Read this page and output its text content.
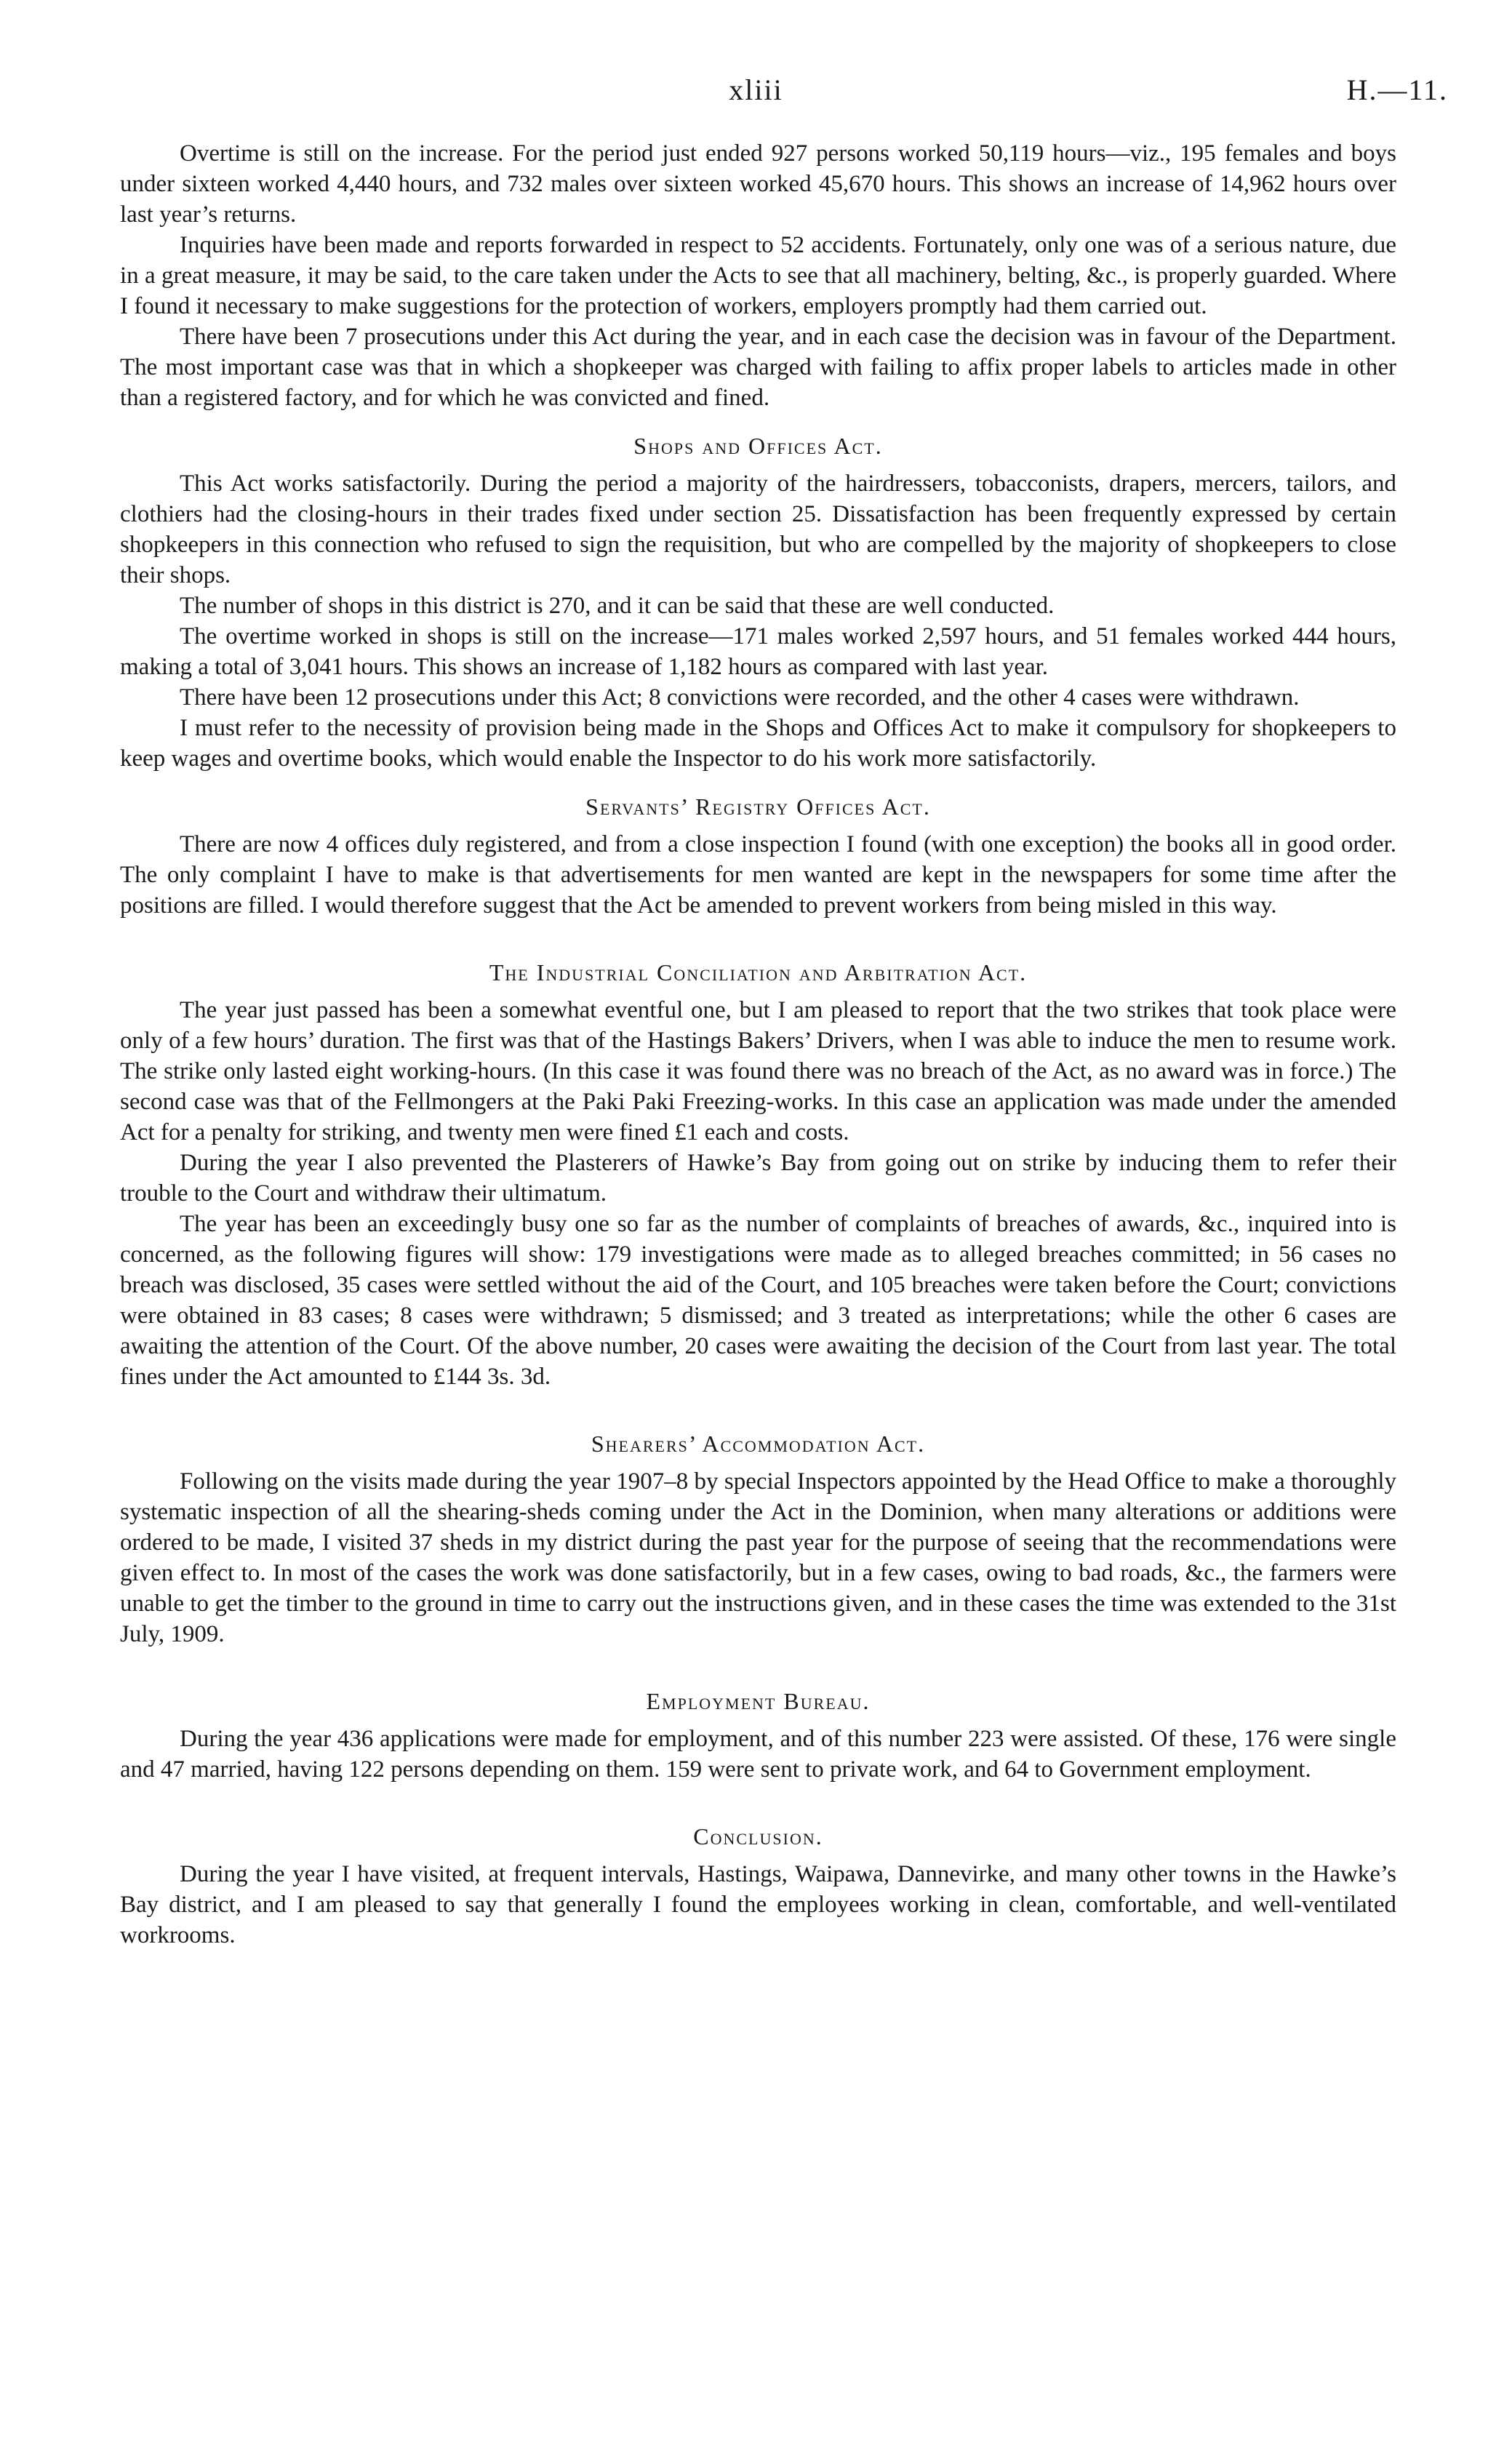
xliii	H.—11.

Overtime is still on the increase. For the period just ended 927 persons worked 50,119 hours—viz., 195 females and boys under sixteen worked 4,440 hours, and 732 males over sixteen worked 45,670 hours. This shows an increase of 14,962 hours over last year’s returns.

Inquiries have been made and reports forwarded in respect to 52 accidents. Fortunately, only one was of a serious nature, due in a great measure, it may be said, to the care taken under the Acts to see that all machinery, belting, &c., is properly guarded. Where I found it necessary to make suggestions for the protection of workers, employers promptly had them carried out.

There have been 7 prosecutions under this Act during the year, and in each case the decision was in favour of the Department. The most important case was that in which a shopkeeper was charged with failing to affix proper labels to articles made in other than a registered factory, and for which he was convicted and fined.

Shops and Offices Act.

This Act works satisfactorily. During the period a majority of the hairdressers, tobacconists, drapers, mercers, tailors, and clothiers had the closing-hours in their trades fixed under section 25. Dissatisfaction has been frequently expressed by certain shopkeepers in this connection who refused to sign the requisition, but who are compelled by the majority of shopkeepers to close their shops.

The number of shops in this district is 270, and it can be said that these are well conducted.

The overtime worked in shops is still on the increase—171 males worked 2,597 hours, and 51 females worked 444 hours, making a total of 3,041 hours. This shows an increase of 1,182 hours as compared with last year.

There have been 12 prosecutions under this Act; 8 convictions were recorded, and the other 4 cases were withdrawn.

I must refer to the necessity of provision being made in the Shops and Offices Act to make it compulsory for shopkeepers to keep wages and overtime books, which would enable the Inspector to do his work more satisfactorily.

Servants’ Registry Offices Act.

There are now 4 offices duly registered, and from a close inspection I found (with one exception) the books all in good order. The only complaint I have to make is that advertisements for men wanted are kept in the newspapers for some time after the positions are filled. I would therefore suggest that the Act be amended to prevent workers from being misled in this way.

The Industrial Conciliation and Arbitration Act.

The year just passed has been a somewhat eventful one, but I am pleased to report that the two strikes that took place were only of a few hours’ duration. The first was that of the Hastings Bakers’ Drivers, when I was able to induce the men to resume work. The strike only lasted eight working-hours. (In this case it was found there was no breach of the Act, as no award was in force.) The second case was that of the Fellmongers at the Paki Paki Freezing-works. In this case an application was made under the amended Act for a penalty for striking, and twenty men were fined £1 each and costs.

During the year I also prevented the Plasterers of Hawke’s Bay from going out on strike by inducing them to refer their trouble to the Court and withdraw their ultimatum.

The year has been an exceedingly busy one so far as the number of complaints of breaches of awards, &c., inquired into is concerned, as the following figures will show: 179 investigations were made as to alleged breaches committed; in 56 cases no breach was disclosed, 35 cases were settled without the aid of the Court, and 105 breaches were taken before the Court; convictions were obtained in 83 cases; 8 cases were withdrawn; 5 dismissed; and 3 treated as interpretations; while the other 6 cases are awaiting the attention of the Court. Of the above number, 20 cases were awaiting the decision of the Court from last year. The total fines under the Act amounted to £144 3s. 3d.

Shearers’ Accommodation Act.

Following on the visits made during the year 1907–8 by special Inspectors appointed by the Head Office to make a thoroughly systematic inspection of all the shearing-sheds coming under the Act in the Dominion, when many alterations or additions were ordered to be made, I visited 37 sheds in my district during the past year for the purpose of seeing that the recommendations were given effect to. In most of the cases the work was done satisfactorily, but in a few cases, owing to bad roads, &c., the farmers were unable to get the timber to the ground in time to carry out the instructions given, and in these cases the time was extended to the 31st July, 1909.

Employment Bureau.

During the year 436 applications were made for employment, and of this number 223 were assisted. Of these, 176 were single and 47 married, having 122 persons depending on them. 159 were sent to private work, and 64 to Government employment.

Conclusion.

During the year I have visited, at frequent intervals, Hastings, Waipawa, Dannevirke, and many other towns in the Hawke’s Bay district, and I am pleased to say that generally I found the employees working in clean, comfortable, and well-ventilated workrooms.
